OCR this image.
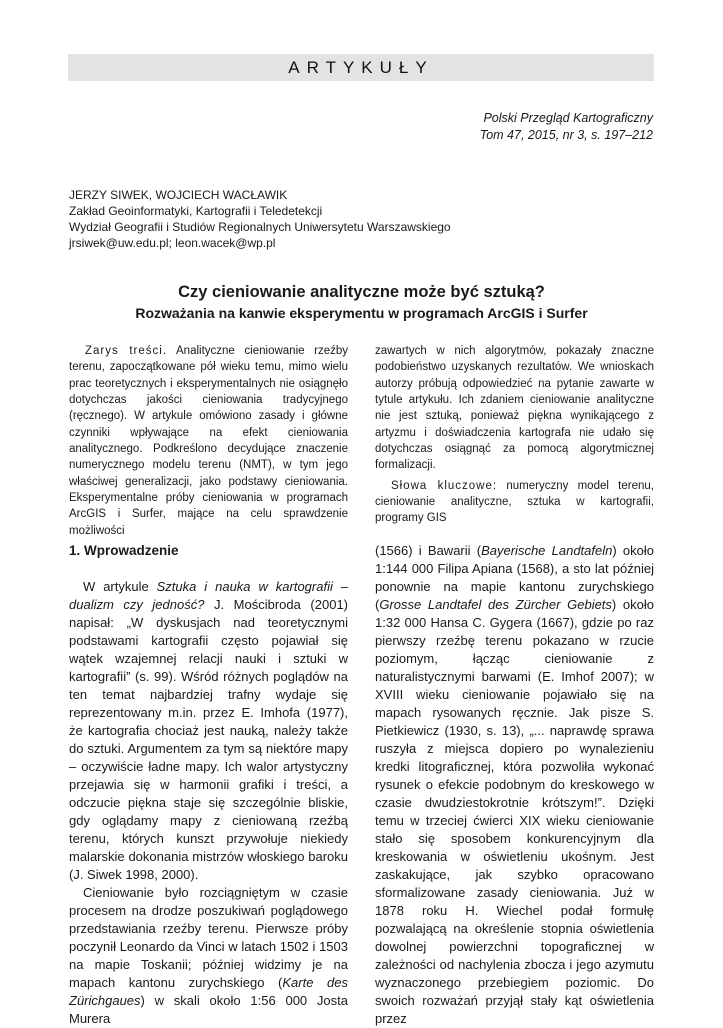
ARTYKUŁY
Polski Przegląd Kartograficzny
Tom 47, 2015, nr 3, s. 197–212
JERZY SIWEK, WOJCIECH WACŁAWIK
Zakład Geoinformatyki, Kartografii i Teledetekcji
Wydział Geografii i Studiów Regionalnych Uniwersytetu Warszawskiego
jrsiwek@uw.edu.pl; leon.wacek@wp.pl
Czy cieniowanie analityczne może być sztuką?
Rozważania na kanwie eksperymentu w programach ArcGIS i Surfer

Zarys treści. Analityczne cieniowanie rzeźby terenu, zapoczątkowane pół wieku temu, mimo wielu prac teoretycznych i eksperymentalnych nie osiągnęło dotychczas jakości cieniowania tradycyjnego (ręcznego). W artykule omówiono zasady i główne czynniki wpływające na efekt cieniowania analitycznego. Podkreślono decydujące znaczenie numerycznego modelu terenu (NMT), w tym jego właściwej generalizacji, jako podstawy cieniowania. Eksperymentalne próby cieniowania w programach ArcGIS i Surfer, mające na celu sprawdzenie możliwości

zawartych w nich algorytmów, pokazały znaczne podobieństwo uzyskanych rezultatów. We wnioskach autorzy próbują odpowiedzieć na pytanie zawarte w tytule artykułu. Ich zdaniem cieniowanie analityczne nie jest sztuką, ponieważ piękna wynikającego z artyzmu i doświadczenia kartografa nie udało się dotychczas osiągnąć za pomocą algorytmicznej formalizacji.

Słowa kluczowe: numeryczny model terenu, cieniowanie analityczne, sztuka w kartografii, programy GIS

1. Wprowadzenie

W artykule Sztuka i nauka w kartografii – dualizm czy jedność? J. Mościbroda (2001) napisał: „W dyskusjach nad teoretycznymi podstawami kartografii często pojawiał się wątek wzajemnej relacji nauki i sztuki w kartografii” (s. 99). Wśród różnych poglądów na ten temat najbardziej trafny wydaje się reprezentowany m.in. przez E. Imhofa (1977), że kartografia chociaż jest nauką, należy także do sztuki. Argumentem za tym są niektóre mapy – oczywiście ładne mapy. Ich walor artystyczny przejawia się w harmonii grafiki i treści, a odczucie piękna staje się szczególnie bliskie, gdy oglądamy mapy z cieniowaną rzeźbą terenu, których kunszt przywołuje niekiedy malarskie dokonania mistrzów włoskiego baroku (J. Siwek 1998, 2000).

Cieniowanie było rozciągniętym w czasie procesem na drodze poszukiwań poglądowego przedstawiania rzeźby terenu. Pierwsze próby poczynił Leonardo da Vinci w latach 1502 i 1503 na mapie Toskanii; później widzimy je na mapach kantonu zurychskiego (Karte des Zürichgaues) w skali około 1:56 000 Josta Murera

(1566) i Bawarii (Bayerische Landtafeln) około 1:144 000 Filipa Apiana (1568), a sto lat później ponownie na mapie kantonu zurychskiego (Grosse Landtafel des Zürcher Gebiets) około 1:32 000 Hansa C. Gygera (1667), gdzie po raz pierwszy rzeźbę terenu pokazano w rzucie poziomym, łącząc cieniowanie z naturalistycznymi barwami (E. Imhof 2007); w XVIII wieku cieniowanie pojawiało się na mapach rysowanych ręcznie. Jak pisze S. Pietkiewicz (1930, s. 13), „... naprawdę sprawa ruszyła z miejsca dopiero po wynalezieniu kredki litograficznej, która pozwoliła wykonać rysunek o efekcie podobnym do kreskowego w czasie dwudziestokrotnie krótszym!”. Dzięki temu w trzeciej ćwierci XIX wieku cieniowanie stało się sposobem konkurencyjnym dla kreskowania w oświetleniu ukośnym. Jest zaskakujące, jak szybko opracowano sformalizowane zasady cieniowania. Już w 1878 roku H. Wiechel podał formułę pozwalającą na określenie stopnia oświetlenia dowolnej powierzchni topograficznej w zależności od nachylenia zbocza i jego azymutu wyznaczonego przebiegiem poziomic. Do swoich rozważań przyjął stały kąt oświetlenia przez
